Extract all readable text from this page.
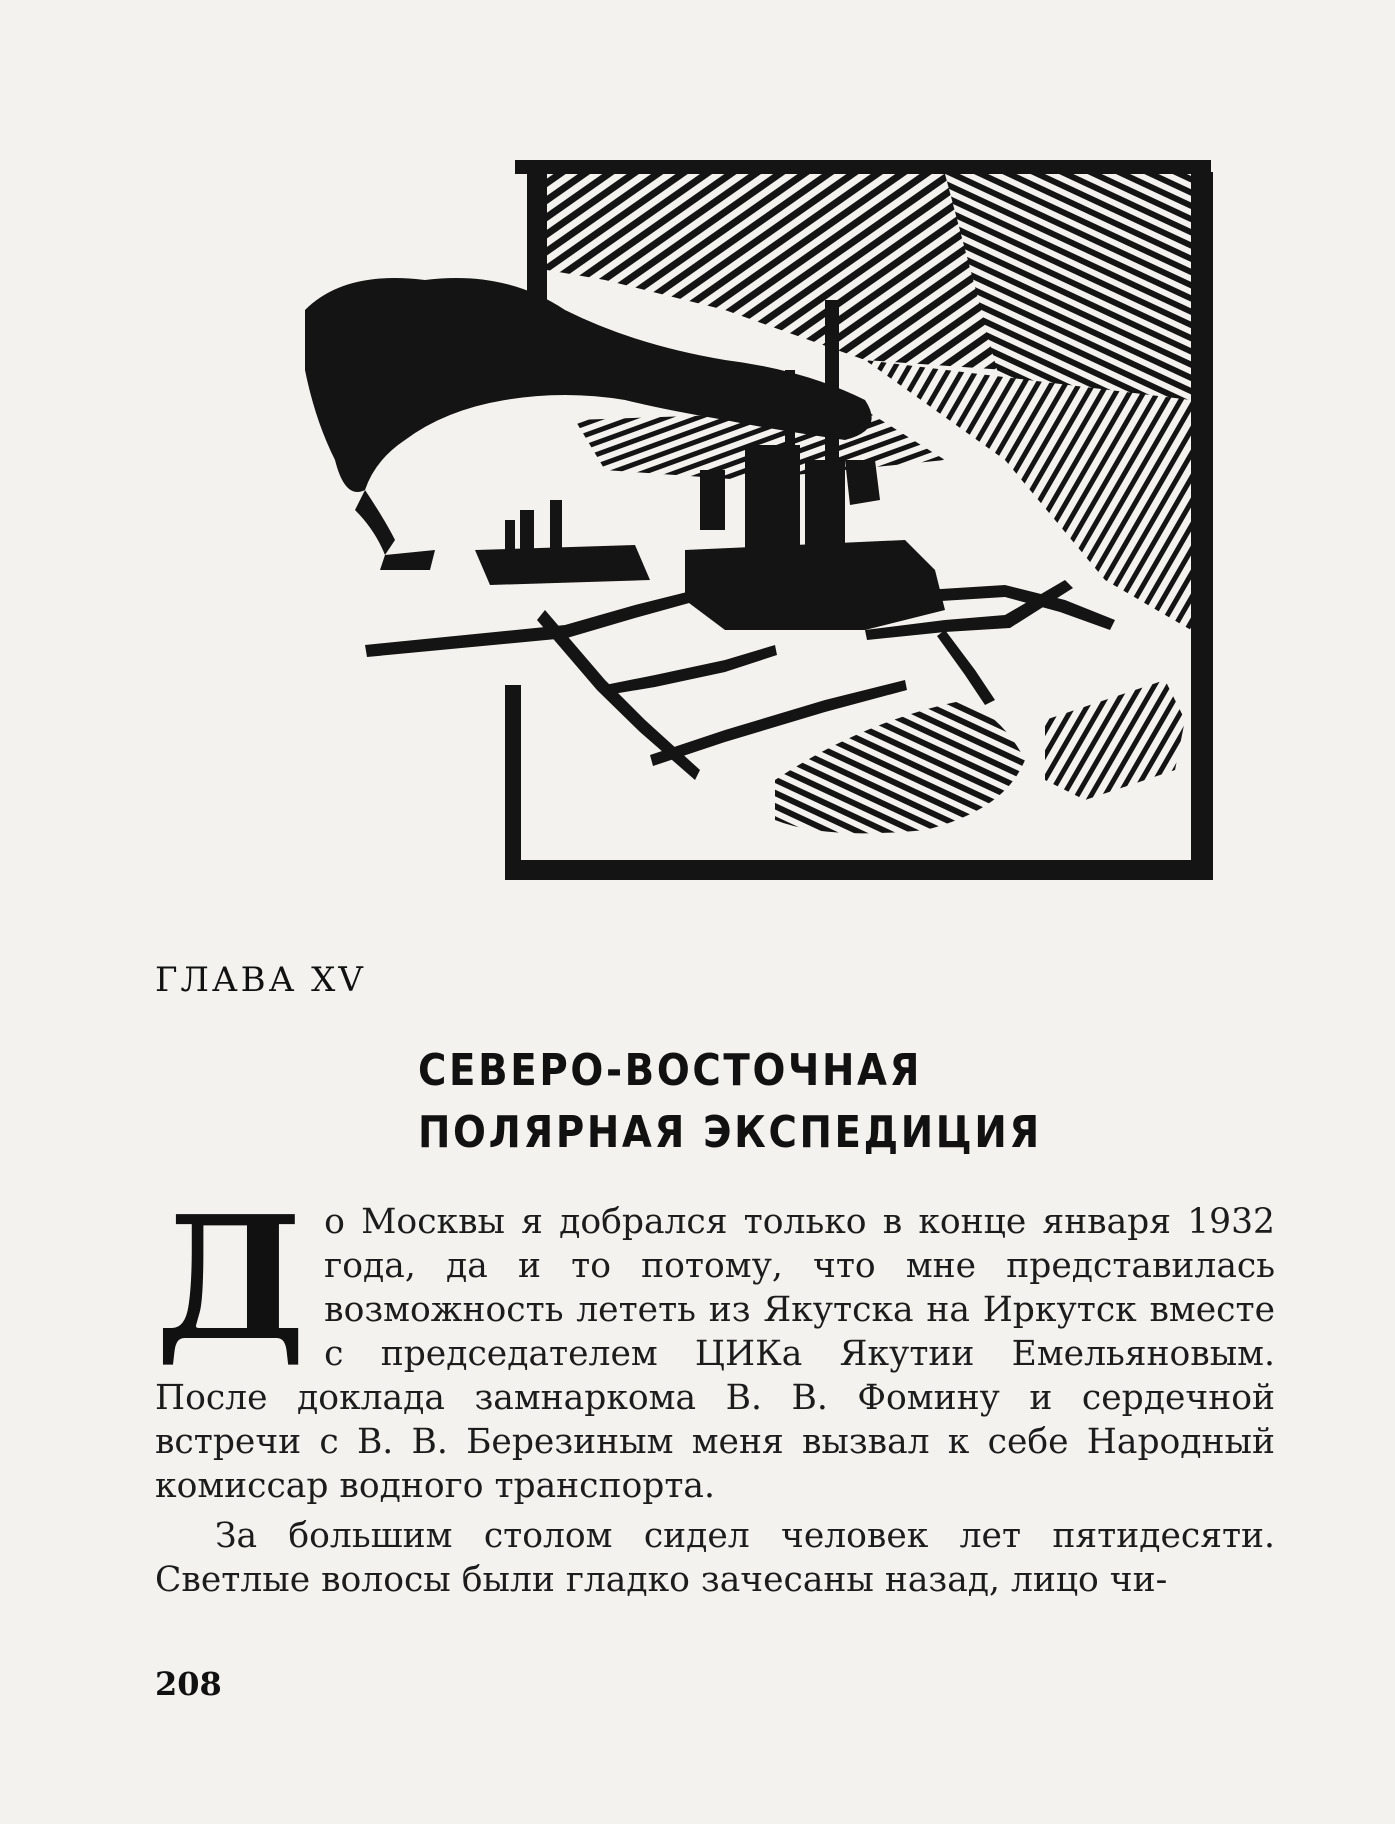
ГЛАВА XV
СЕВЕРО-ВОСТОЧНАЯ
ПОЛЯРНАЯ ЭКСПЕДИЦИЯ

До Москвы я добрался только в конце января 1932 года, да и то потому, что мне представилась возможность лететь из Якутска на Иркутск вместе с председателем ЦИКа Якутии Емельяновым. После доклада замнаркома В. В. Фомину и сердечной встречи с В. В. Березиным меня вызвал к себе Народный комиссар водного транспорта.

За большим столом сидел человек лет пятидесяти. Светлые волосы были гладко зачесаны назад, лицо чи-

208
